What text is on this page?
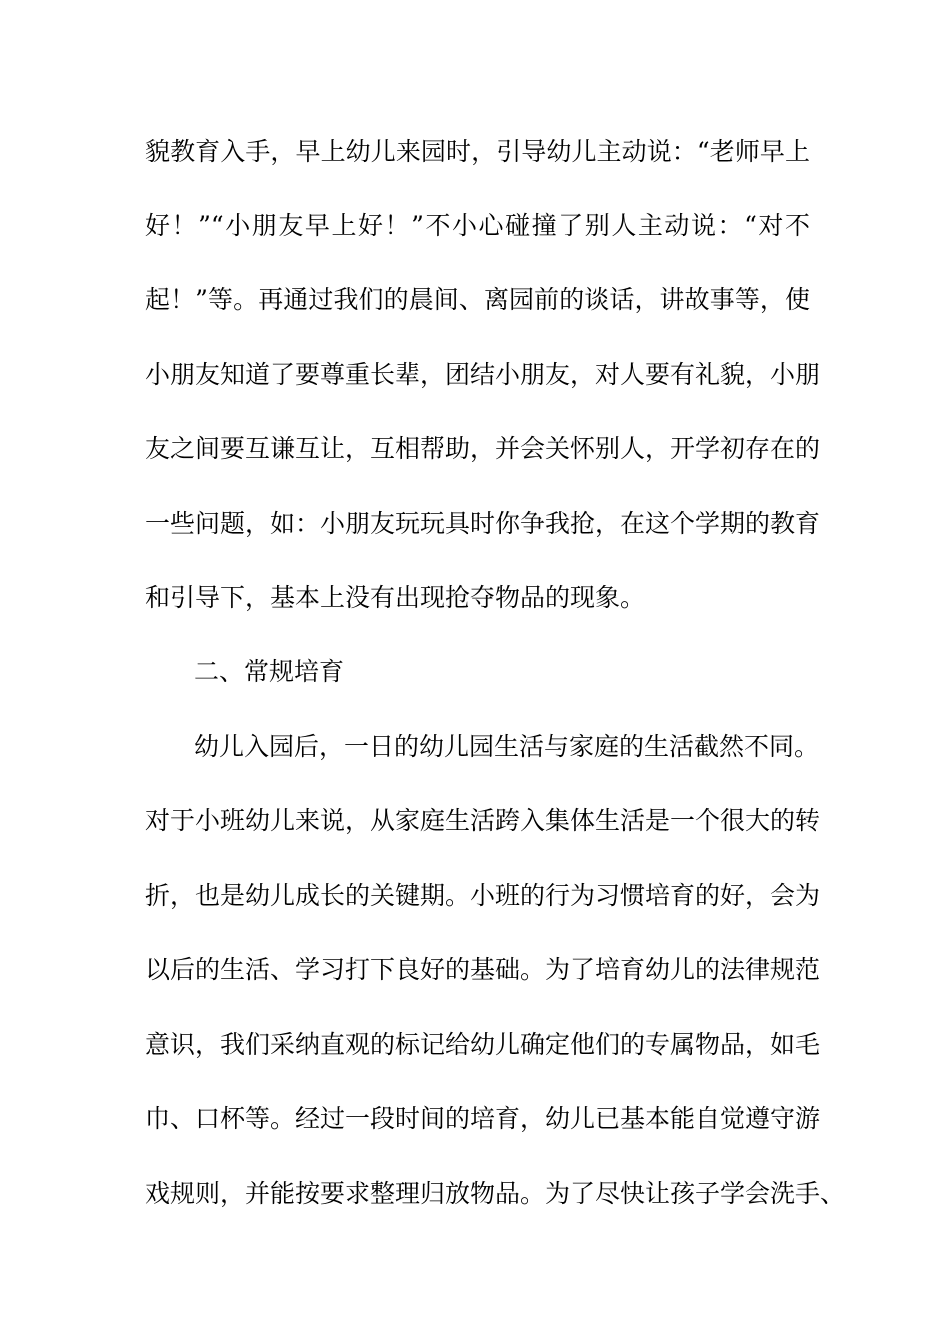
貌教育入手，早上幼儿来园时，引导幼儿主动说：“老师早上
好！”“小朋友早上好！”不小心碰撞了别人主动说：“对不
起！”等。再通过我们的晨间、离园前的谈话，讲故事等，使
小朋友知道了要尊重长辈，团结小朋友，对人要有礼貌，小朋
友之间要互谦互让，互相帮助，并会关怀别人，开学初存在的
一些问题，如：小朋友玩玩具时你争我抢，在这个学期的教育
和引导下，基本上没有出现抢夺物品的现象。
二、常规培育
幼儿入园后，一日的幼儿园生活与家庭的生活截然不同。
对于小班幼儿来说，从家庭生活跨入集体生活是一个很大的转
折，也是幼儿成长的关键期。小班的行为习惯培育的好，会为
以后的生活、学习打下良好的基础。为了培育幼儿的法律规范
意识，我们采纳直观的标记给幼儿确定他们的专属物品，如毛
巾、口杯等。经过一段时间的培育，幼儿已基本能自觉遵守游
戏规则，并能按要求整理归放物品。为了尽快让孩子学会洗手、
